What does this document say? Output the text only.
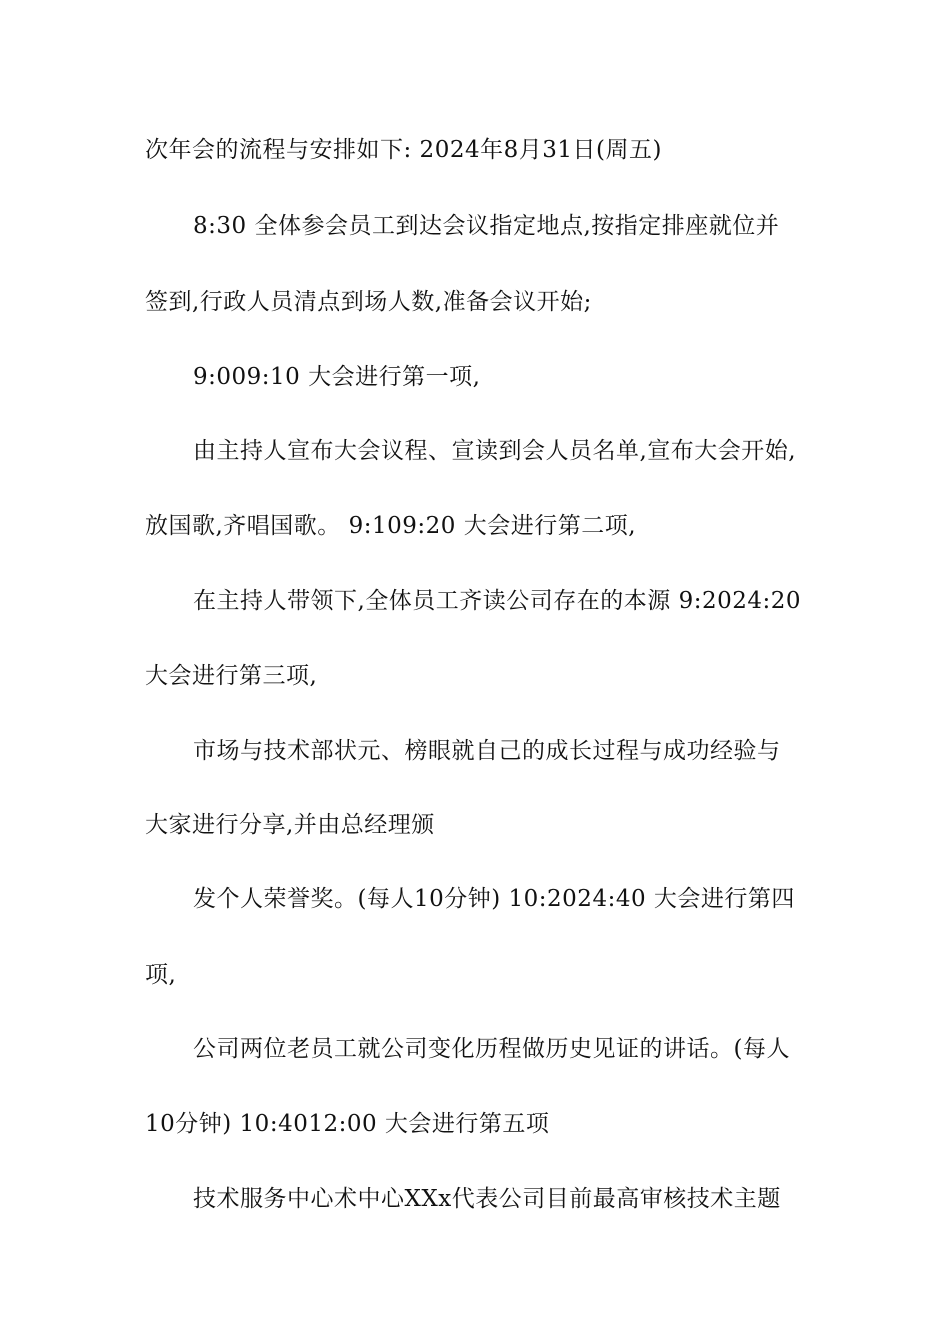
次年会的流程与安排如下: 2024年8月31日(周五)
8:30 全体参会员工到达会议指定地点,按指定排座就位并
签到,行政人员清点到场人数,准备会议开始;
9:009:10 大会进行第一项,
由主持人宣布大会议程、宣读到会人员名单,宣布大会开始,
放国歌,齐唱国歌。 9:109:20 大会进行第二项,
在主持人带领下,全体员工齐读公司存在的本源 9:2024:20
大会进行第三项,
市场与技术部状元、榜眼就自己的成长过程与成功经验与
大家进行分享,并由总经理颁
发个人荣誉奖。(每人10分钟) 10:2024:40 大会进行第四
项,
公司两位老员工就公司变化历程做历史见证的讲话。(每人
10分钟) 10:4012:00 大会进行第五项
技术服务中心术中心XXx代表公司目前最高审核技术主题
